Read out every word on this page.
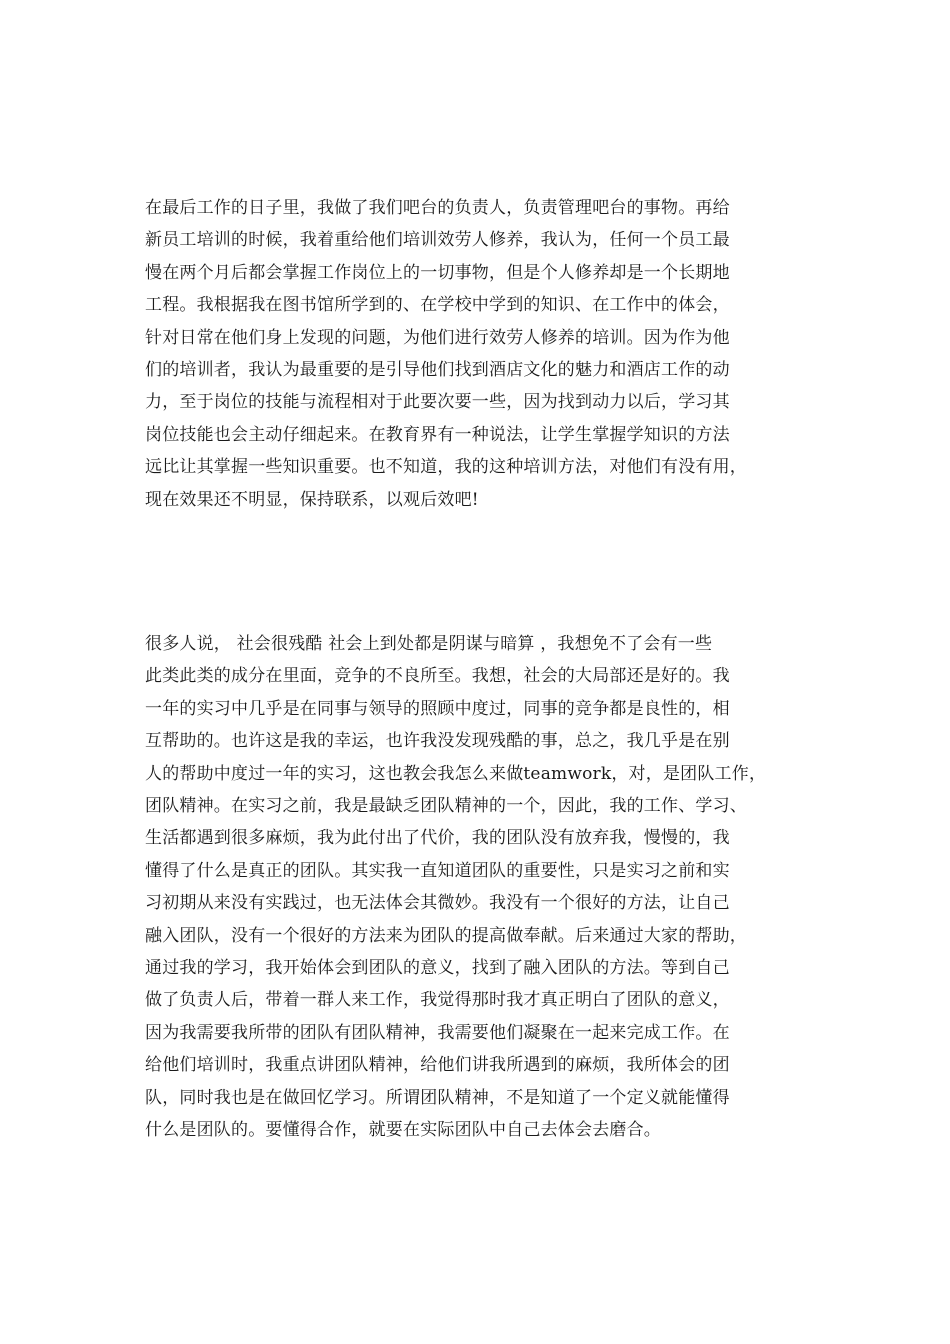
在最后工作的日子里，我做了我们吧台的负责人，负责管理吧台的事物。再给
新员工培训的时候，我着重给他们培训效劳人修养，我认为，任何一个员工最
慢在两个月后都会掌握工作岗位上的一切事物，但是个人修养却是一个长期地
工程。我根据我在图书馆所学到的、在学校中学到的知识、在工作中的体会，
针对日常在他们身上发现的问题，为他们进行效劳人修养的培训。因为作为他
们的培训者，我认为最重要的是引导他们找到酒店文化的魅力和酒店工作的动
力，至于岗位的技能与流程相对于此要次要一些，因为找到动力以后，学习其
岗位技能也会主动仔细起来。在教育界有一种说法，让学生掌握学知识的方法
远比让其掌握一些知识重要。也不知道，我的这种培训方法，对他们有没有用，
现在效果还不明显，保持联系，以观后效吧!
很多人说， 社会很残酷 社会上到处都是阴谋与暗算 ，我想免不了会有一些
此类此类的成分在里面，竞争的不良所至。我想，社会的大局部还是好的。我
一年的实习中几乎是在同事与领导的照顾中度过，同事的竞争都是良性的，相
互帮助的。也许这是我的幸运，也许我没发现残酷的事，总之，我几乎是在别
人的帮助中度过一年的实习，这也教会我怎么来做teamwork，对，是团队工作，
团队精神。在实习之前，我是最缺乏团队精神的一个，因此，我的工作、学习、
生活都遇到很多麻烦，我为此付出了代价，我的团队没有放弃我，慢慢的，我
懂得了什么是真正的团队。其实我一直知道团队的重要性，只是实习之前和实
习初期从来没有实践过，也无法体会其微妙。我没有一个很好的方法，让自己
融入团队，没有一个很好的方法来为团队的提高做奉献。后来通过大家的帮助，
通过我的学习，我开始体会到团队的意义，找到了融入团队的方法。等到自己
做了负责人后，带着一群人来工作，我觉得那时我才真正明白了团队的意义，
因为我需要我所带的团队有团队精神，我需要他们凝聚在一起来完成工作。在
给他们培训时，我重点讲团队精神，给他们讲我所遇到的麻烦，我所体会的团
队，同时我也是在做回忆学习。所谓团队精神，不是知道了一个定义就能懂得
什么是团队的。要懂得合作，就要在实际团队中自己去体会去磨合。
